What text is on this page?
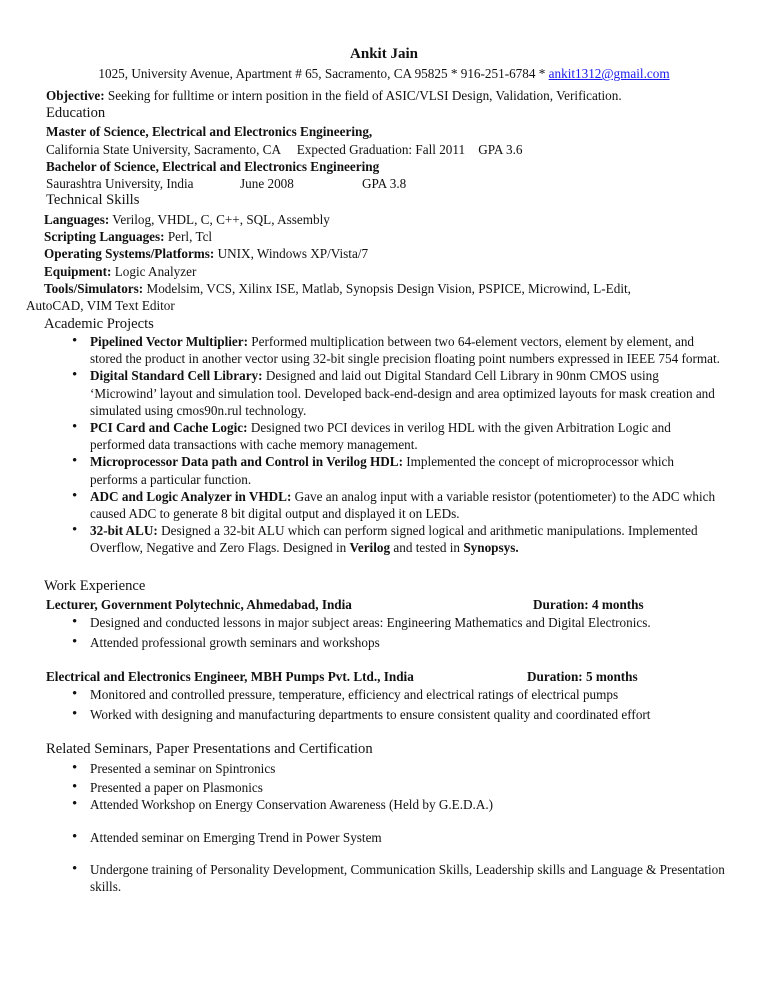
Ankit Jain
1025, University Avenue, Apartment # 65, Sacramento, CA 95825 * 916-251-6784 * ankit1312@gmail.com
Objective: Seeking for fulltime or intern position in the field of ASIC/VLSI Design, Validation, Verification.
Education
Master of Science, Electrical and Electronics Engineering,
California State University, Sacramento, CA     Expected Graduation: Fall 2011    GPA 3.6
Bachelor of Science, Electrical and Electronics Engineering
Saurashtra University, India	June 2008	GPA 3.8
Technical Skills
Languages: Verilog, VHDL, C, C++, SQL, Assembly
Scripting Languages: Perl, Tcl
Operating Systems/Platforms: UNIX, Windows XP/Vista/7
Equipment: Logic Analyzer
Tools/Simulators: Modelsim, VCS, Xilinx ISE, Matlab, Synopsis Design Vision, PSPICE, Microwind, L-Edit,
AutoCAD, VIM Text Editor
Academic Projects
• Pipelined Vector Multiplier: Performed multiplication between two 64-element vectors, element by element, and stored the product in another vector using 32-bit single precision floating point numbers expressed in IEEE 754 format.
• Digital Standard Cell Library: Designed and laid out Digital Standard Cell Library in 90nm CMOS using ‘Microwind’ layout and simulation tool. Developed back-end-design and area optimized layouts for mask creation and simulated using cmos90n.rul technology.
• PCI Card and Cache Logic: Designed two PCI devices in verilog HDL with the given Arbitration Logic and performed data transactions with cache memory management.
• Microprocessor Data path and Control in Verilog HDL: Implemented the concept of microprocessor which performs a particular function.
• ADC and Logic Analyzer in VHDL: Gave an analog input with a variable resistor (potentiometer) to the ADC which caused ADC to generate 8 bit digital output and displayed it on LEDs.
• 32-bit ALU: Designed a 32-bit ALU which can perform signed logical and arithmetic manipulations. Implemented Overflow, Negative and Zero Flags. Designed in Verilog and tested in Synopsys.
Work Experience
Lecturer, Government Polytechnic, Ahmedabad, India	Duration: 4 months
• Designed and conducted lessons in major subject areas: Engineering Mathematics and Digital Electronics.
• Attended professional growth seminars and workshops
Electrical and Electronics Engineer, MBH Pumps Pvt. Ltd., India	Duration: 5 months
• Monitored and controlled pressure, temperature, efficiency and electrical ratings of electrical pumps
• Worked with designing and manufacturing departments to ensure consistent quality and coordinated effort
Related Seminars, Paper Presentations and Certification
• Presented a seminar on Spintronics
• Presented a paper on Plasmonics
• Attended Workshop on Energy Conservation Awareness (Held by G.E.D.A.)
• Attended seminar on Emerging Trend in Power System
• Undergone training of Personality Development, Communication Skills, Leadership skills and Language & Presentation skills.
